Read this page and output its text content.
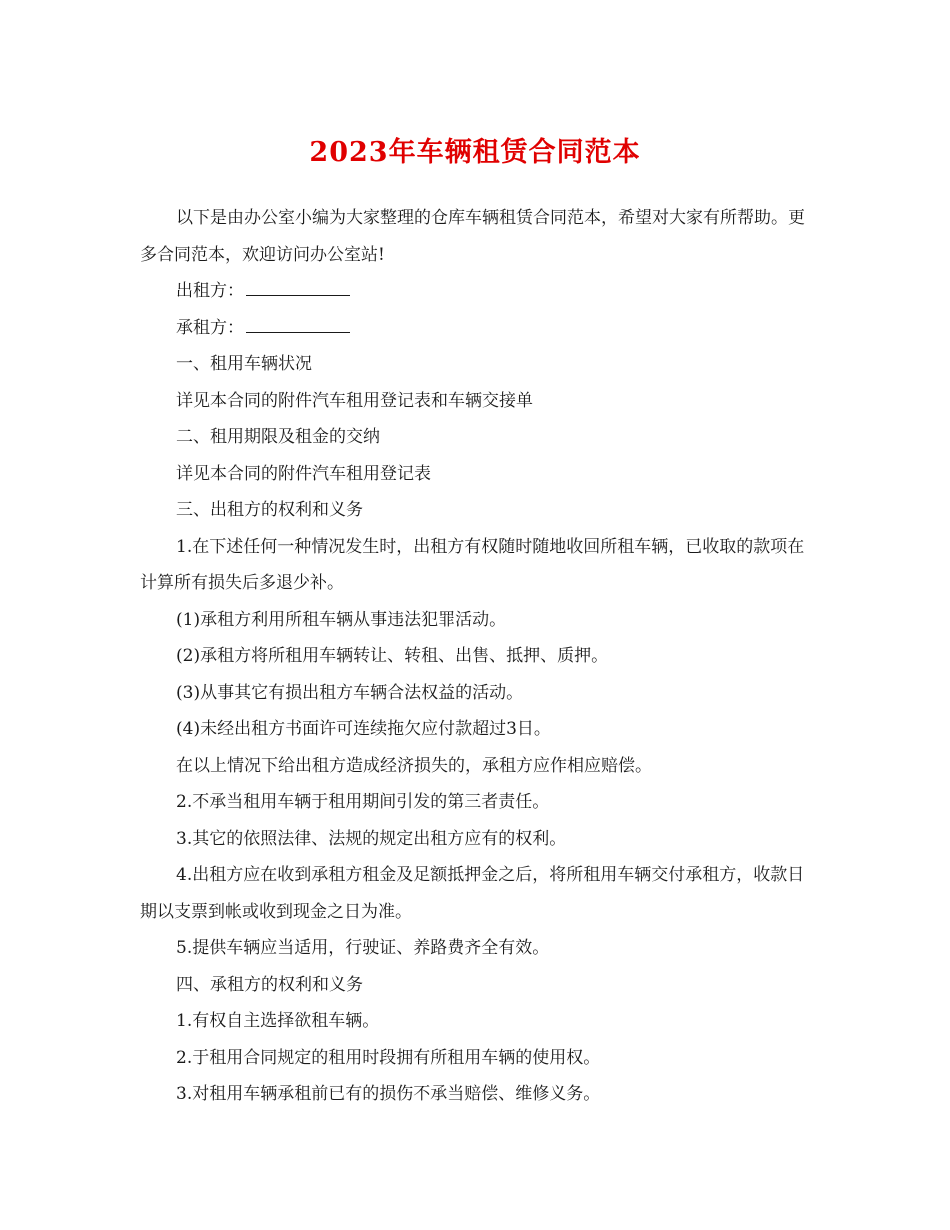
2023年车辆租赁合同范本

以下是由办公室小编为大家整理的仓库车辆租赁合同范本，希望对大家有所帮助。更多合同范本，欢迎访问办公室站!

出租方：

承租方：

一、租用车辆状况

详见本合同的附件汽车租用登记表和车辆交接单

二、租用期限及租金的交纳

详见本合同的附件汽车租用登记表

三、出租方的权利和义务

1.在下述任何一种情况发生时，出租方有权随时随地收回所租车辆，已收取的款项在计算所有损失后多退少补。

(1)承租方利用所租车辆从事违法犯罪活动。

(2)承租方将所租用车辆转让、转租、出售、抵押、质押。

(3)从事其它有损出租方车辆合法权益的活动。

(4)未经出租方书面许可连续拖欠应付款超过3日。

在以上情况下给出租方造成经济损失的，承租方应作相应赔偿。

2.不承当租用车辆于租用期间引发的第三者责任。

3.其它的依照法律、法规的规定出租方应有的权利。

4.出租方应在收到承租方租金及足额抵押金之后，将所租用车辆交付承租方，收款日期以支票到帐或收到现金之日为准。

5.提供车辆应当适用，行驶证、养路费齐全有效。

四、承租方的权利和义务

1.有权自主选择欲租车辆。

2.于租用合同规定的租用时段拥有所租用车辆的使用权。

3.对租用车辆承租前已有的损伤不承当赔偿、维修义务。
